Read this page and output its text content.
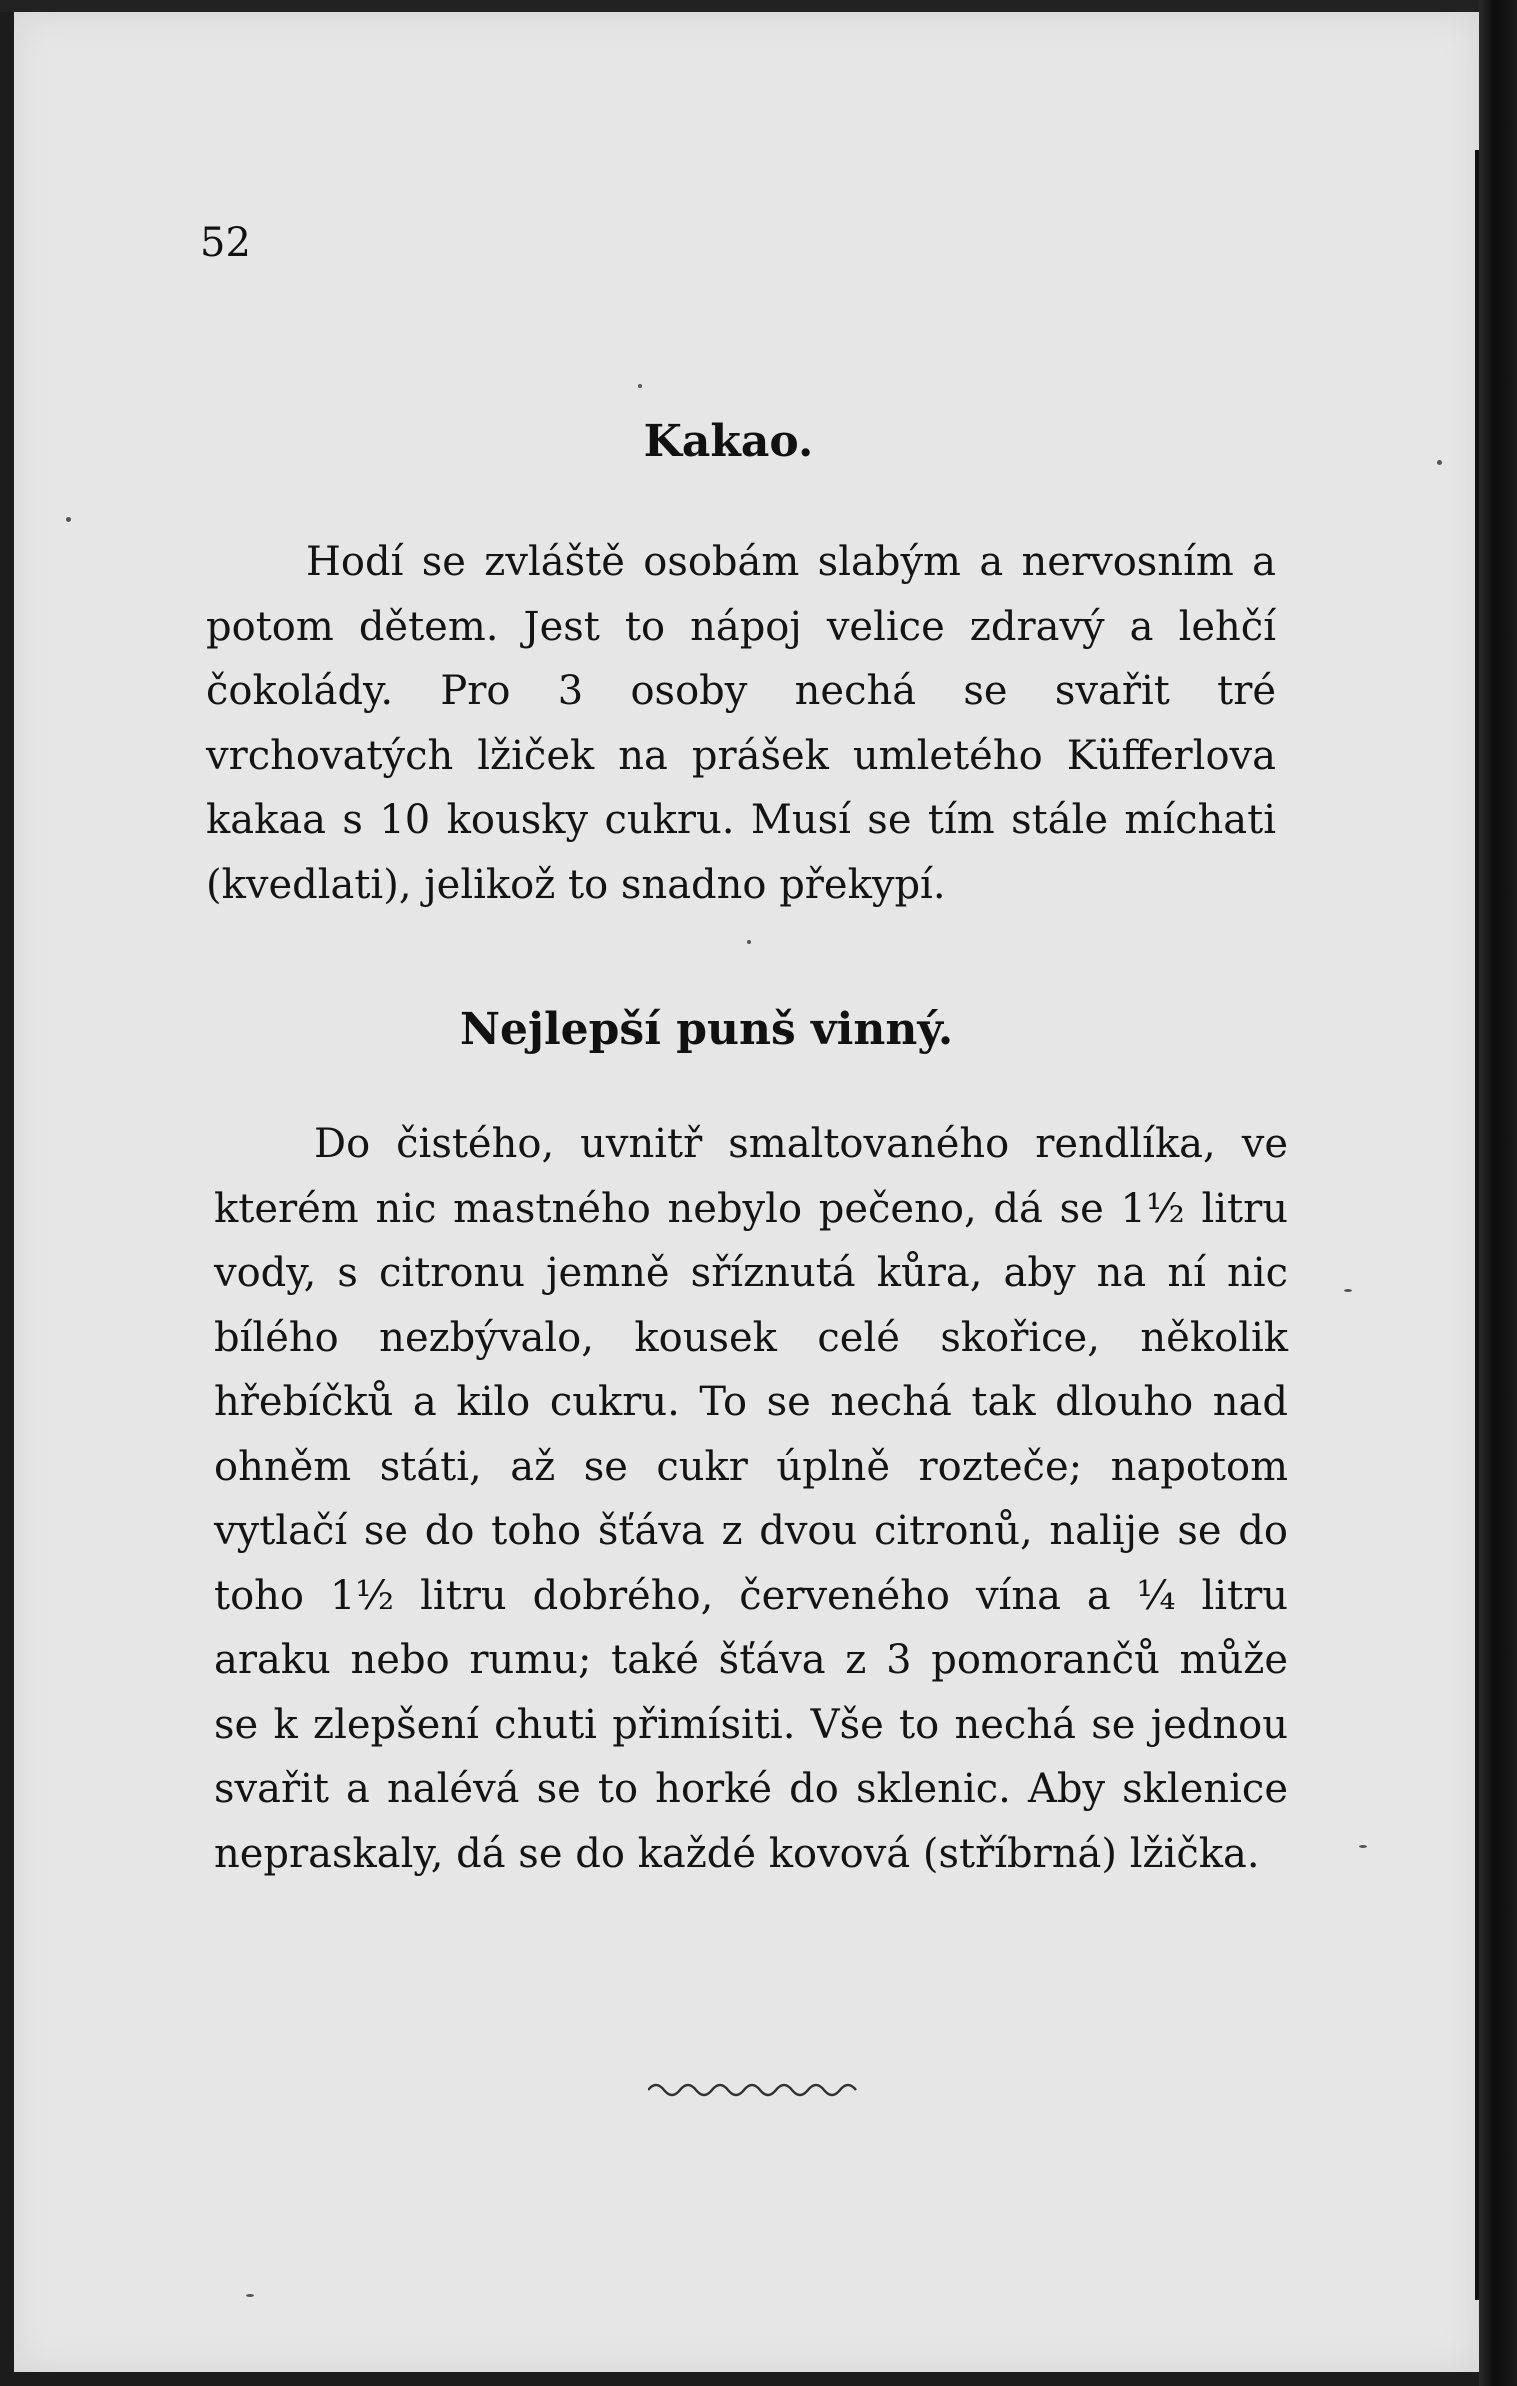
52
Kakao.

Hodí se zvláště osobám slabým a nervosním a potom dětem. Jest to nápoj velice zdravý a lehčí čokolády. Pro 3 osoby nechá se svařit tré vrchovatých lžiček na prášek umletého Küfferlova kakaa s 10 kousky cukru. Musí se tím stále míchati (kvedlati), jelikož to snadno překypí.

Nejlepší punš vinný.

Do čistého, uvnitř smaltovaného rendlíka, ve kterém nic mastného nebylo pečeno, dá se 1½ litru vody, s citronu jemně sříznutá kůra, aby na ní nic bílého nezbývalo, kousek celé skořice, několik hřebíčků a kilo cukru. To se nechá tak dlouho nad ohněm státi, až se cukr úplně rozteče; napotom vytlačí se do toho šťáva z dvou citronů, nalije se do toho 1½ litru dobrého, červeného vína a ¼ litru araku nebo rumu; také šťáva z 3 pomorančů může se k zlepšení chuti přimísiti. Vše to nechá se jednou svařit a nalévá se to horké do sklenic. Aby sklenice nepraskaly, dá se do každé kovová (stříbrná) lžička.
